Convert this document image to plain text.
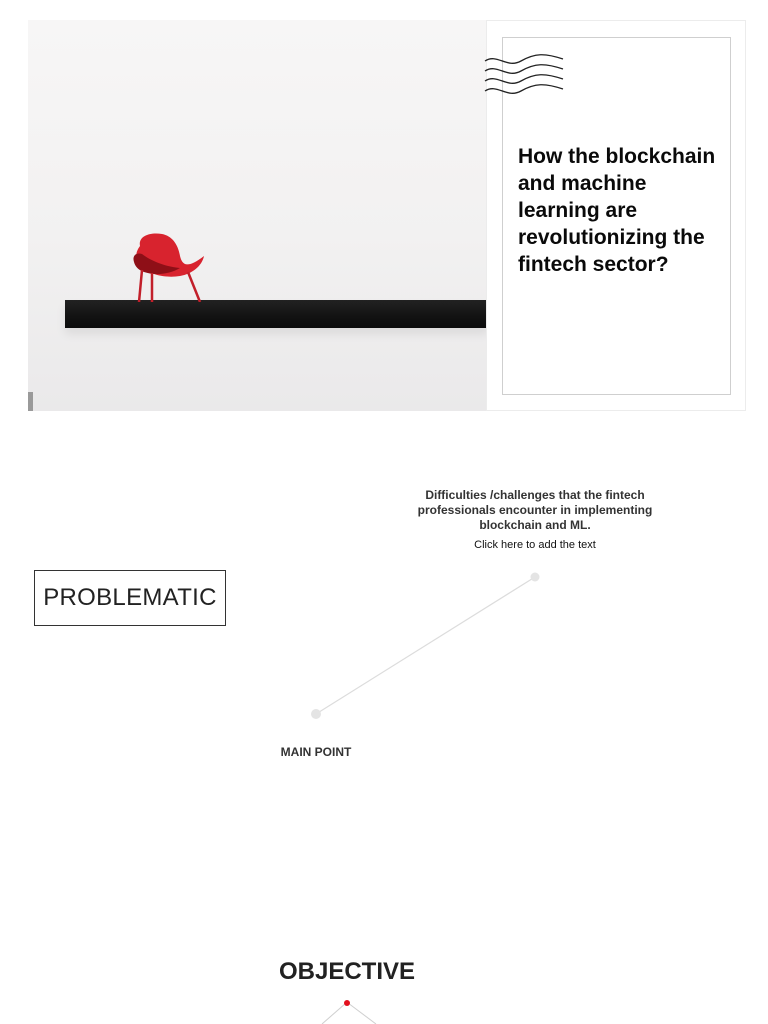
How the blockchain and machine learning are revolutionizing the fintech sector?
PROBLEMATIC

Difficulties /challenges that the fintech professionals encounter in implementing blockchain and ML.

Click here to add the text
MAIN POINT
OBJECTIVE
